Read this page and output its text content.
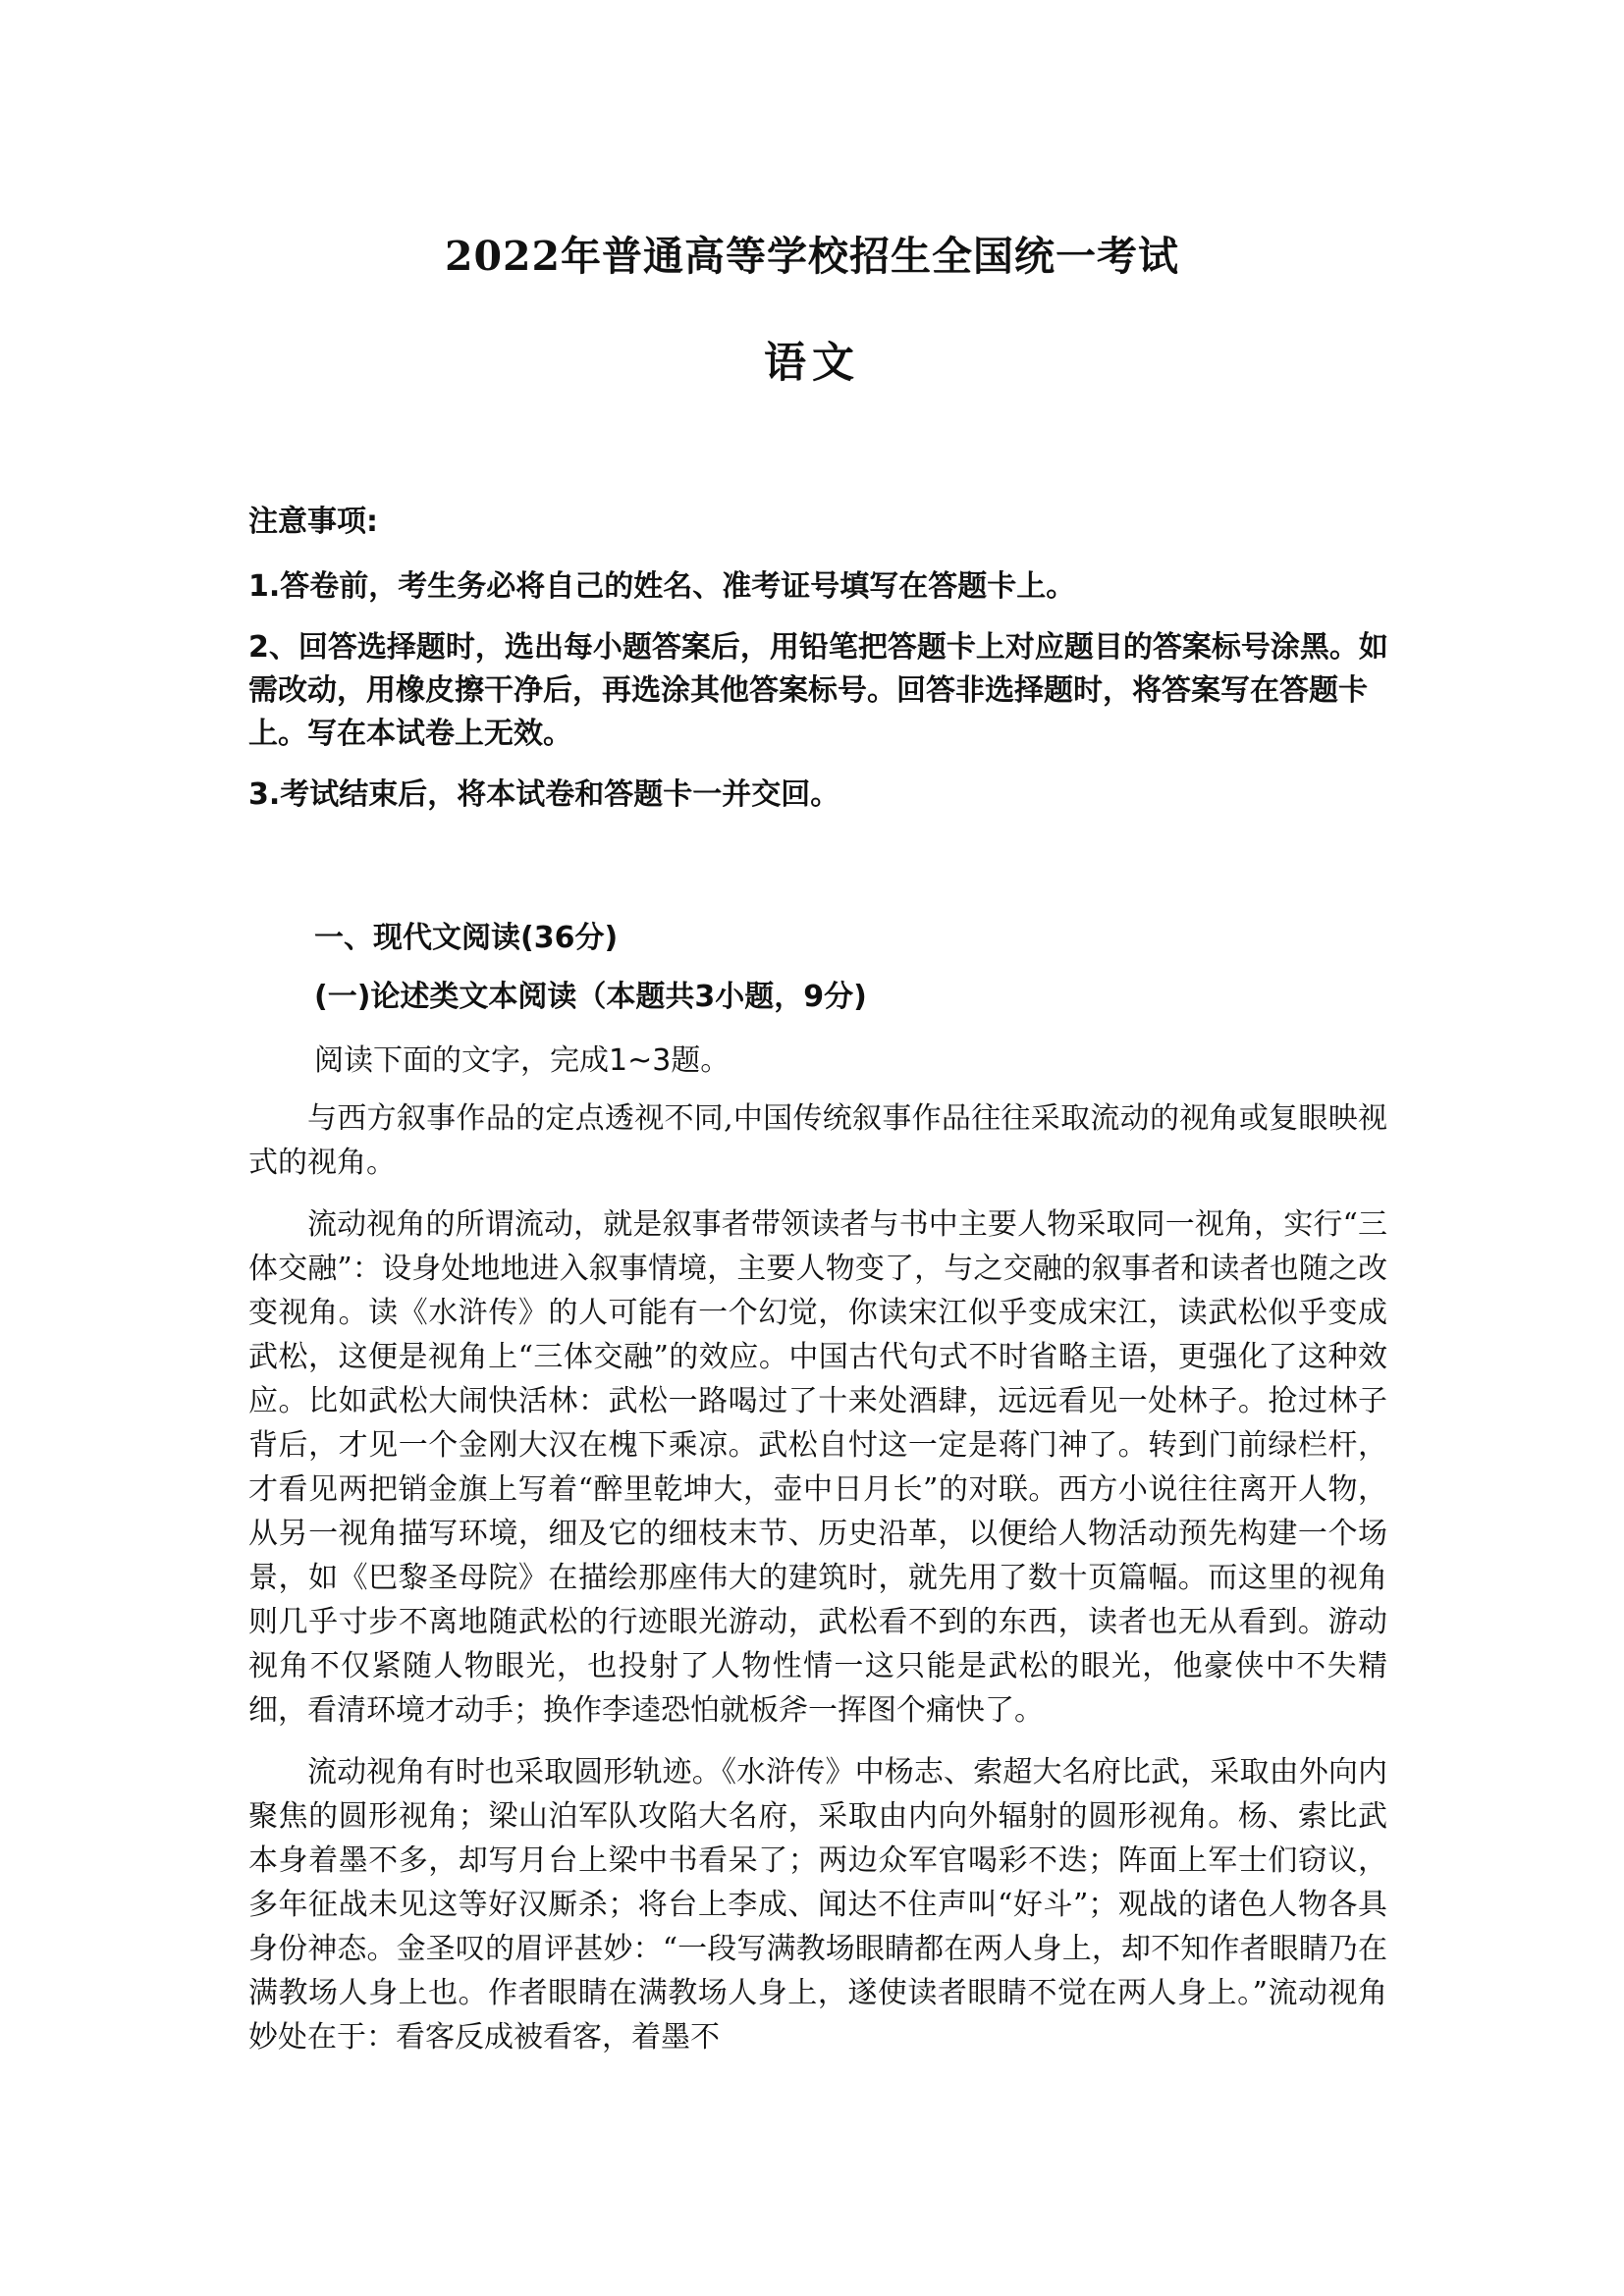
2022年普通高等学校招生全国统一考试
语文

注意事项:

1.答卷前，考生务必将自己的姓名、准考证号填写在答题卡上。

2、回答选择题时，选出每小题答案后，用铅笔把答题卡上对应题目的答案标号涂黑。如需改动，用橡皮擦干净后，再选涂其他答案标号。回答非选择题时，将答案写在答题卡上。写在本试卷上无效。

3.考试结束后，将本试卷和答题卡一并交回。

一、现代文阅读(36分)
(一)论述类文本阅读（本题共3小题，9分)
阅读下面的文字，完成1~3题。

与西方叙事作品的定点透视不同,中国传统叙事作品往往采取流动的视角或复眼映视式的视角。

流动视角的所谓流动，就是叙事者带领读者与书中主要人物采取同一视角，实行“三体交融”：设身处地地进入叙事情境，主要人物变了，与之交融的叙事者和读者也随之改变视角。读《水浒传》的人可能有一个幻觉，你读宋江似乎变成宋江，读武松似乎变成武松，这便是视角上“三体交融”的效应。中国古代句式不时省略主语，更强化了这种效应。比如武松大闹快活林：武松一路喝过了十来处酒肆，远远看见一处林子。抢过林子背后，才见一个金刚大汉在槐下乘凉。武松自忖这一定是蒋门神了。转到门前绿栏杆，才看见两把销金旗上写着“醉里乾坤大，壶中日月长”的对联。西方小说往往离开人物，从另一视角描写环境，细及它的细枝末节、历史沿革，以便给人物活动预先构建一个场景，如《巴黎圣母院》在描绘那座伟大的建筑时，就先用了数十页篇幅。而这里的视角则几乎寸步不离地随武松的行迹眼光游动，武松看不到的东西，读者也无从看到。游动视角不仅紧随人物眼光，也投射了人物性情一这只能是武松的眼光，他豪侠中不失精细，看清环境才动手；换作李逵恐怕就板斧一挥图个痛快了。

流动视角有时也采取圆形轨迹。《水浒传》中杨志、索超大名府比武，采取由外向内聚焦的圆形视角；梁山泊军队攻陷大名府，采取由内向外辐射的圆形视角。杨、索比武本身着墨不多，却写月台上梁中书看呆了；两边众军官喝彩不迭；阵面上军士们窃议，多年征战未见这等好汉厮杀；将台上李成、闻达不住声叫“好斗”；观战的诸色人物各具身份神态。金圣叹的眉评甚妙：“一段写满教场眼睛都在两人身上，却不知作者眼睛乃在满教场人身上也。作者眼睛在满教场人身上，遂使读者眼睛不觉在两人身上。”流动视角妙处在于：看客反成被看客，着墨不
